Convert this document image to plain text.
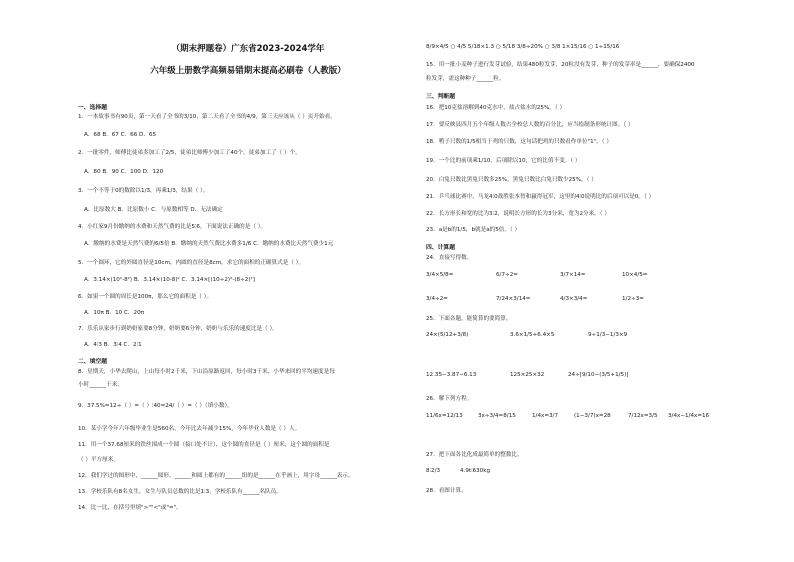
（期末押题卷）广东省2023-2024学年
六年级上册数学高频易错期末提高必刷卷（人教版）
一、选择题
1．一本故事书有90页，第一天看了全书的3/10，第二天看了全书的4/9，第三天应该从（ ）页开始看。
A．68 B．67 C．66 D．65
2．一批零件，师傅比徒弟多加工了2/5，徒弟比师傅少加工了40个，徒弟加工了（ ）个。
A．80 B．90 C．100 D．120
3．一个不等于0的数除以1/3，再乘1/3，结果（ ）。
A．比原数大 B．比原数小 C．与原数相等 D．无法确定
4．小红家9月份缴纳的水费和天然气费的比是5∶6，下面说法正确的是（ ）。
A．缴纳的水费是天然气费的6/5倍 B．缴纳的天然气费比水费多1/6 C．缴纳的水费比天然气费少1元
5．一个圆环，它的外圆直径是10cm，内圆的直径是8cm，求它的面积的正确算式是（ ）。
A．3.14×(10²-8²) B．3.14×(10-8)² C．3.14×[(10÷2)²-(8÷2)²]
6．如果一个圆的周长是100π，那么它的面积是（ ）。
A．10π B．10 C．20π
7．乐乐从家步行到奶奶家要8分钟，奶奶要6分钟，奶奶与乐乐的速度比是（ ）。
A．4∶3 B．3∶4 C．2∶1
二、填空题
8．星期天，小华去爬山，上山每小时2千米，下山沿原路返回，每小时3千米，小华来回的平均速度是每
小时______千米。
9．37.5%=12÷（ ）=（ ）∶40=24/（ ）=（ ）（填小数）。
10．某小学今年六年级毕业生是560名，今年比去年减少15%，今年毕业人数是（ ）人。
11．用一个37.68厘米的铁丝围成一个圆（接口处不计），这个圆的直径是（ ）厘米，这个圆的面积是
（ ）平方厘米。
12．我们学过的图形中，______圆形、______和圆上都有的______组的是______在乎画上，用字母______表示。
13．学校乐队有8名女生，女生与队员总数的比是1∶3，学校乐队有______名队员。
14．比一比，在括号里填">""<"或"="。
8/9×4/5 ○ 4/5 5/18×1.3 ○ 5/18 3/8÷20% ○ 3/8 1×15/16 ○ 1÷15/16
15．用一批小麦种子进行发芽试验，结果480粒发芽，20粒没有发芽，种子的发芽率是______，要确保2400
粒发芽，需这种种子______粒。
三、判断题
16．把10克盐溶解到40克水中，盐占盐水的25%。（ ）
17．要反映县四月五个年级人数占全校总人数的百分比，应当绘制条形统计图。（ ）
18．鸭子只数的1/5相当于鸡的只数，这句话把鸡的只数看作单位"1"。（ ）
19．一个比的前项乘1/10，后项除以10，它的比值不变。（ ）
20．白兔只数比黑兔只数多25%，黑兔只数比白兔只数少25%。（ ）
21．乒乓球比赛中，马龙4∶0战胜张本智和赢得冠军，这里的4∶0说明比的后项可以是0。（ ）
22．长方形长和宽的比为3∶2，说明长方形的长为3分米，宽为2分米。（ ）
23．a是b的1/5，b就是a的5倍。（ ）
四、计算题
24．直接写得数。
3/4×5/8=	6/7÷2=	3/7×14=	10×4/5=
3/4÷2=	7/24×3/14=	4/3×3/4=	1/2÷3=
25．下面各题，能简算的要简算。
24×(5/12+3/8)	3.6×1/5+6.4×5	9÷1/3−1/3×9
12.35−3.87−6.13	125×25×32	24÷[9/10−(3/5+1/5)]
26．解下列方程。
11/6x=12/13	3x÷3/4=8/15	1/4x=3/7	(1−3/7)x=28	7/12x=3/5 3/4x−1/4x=16
27．把下面各比化成最简单的整数比。
8∶2/3	4.9t∶630kg
28．看图计算。
